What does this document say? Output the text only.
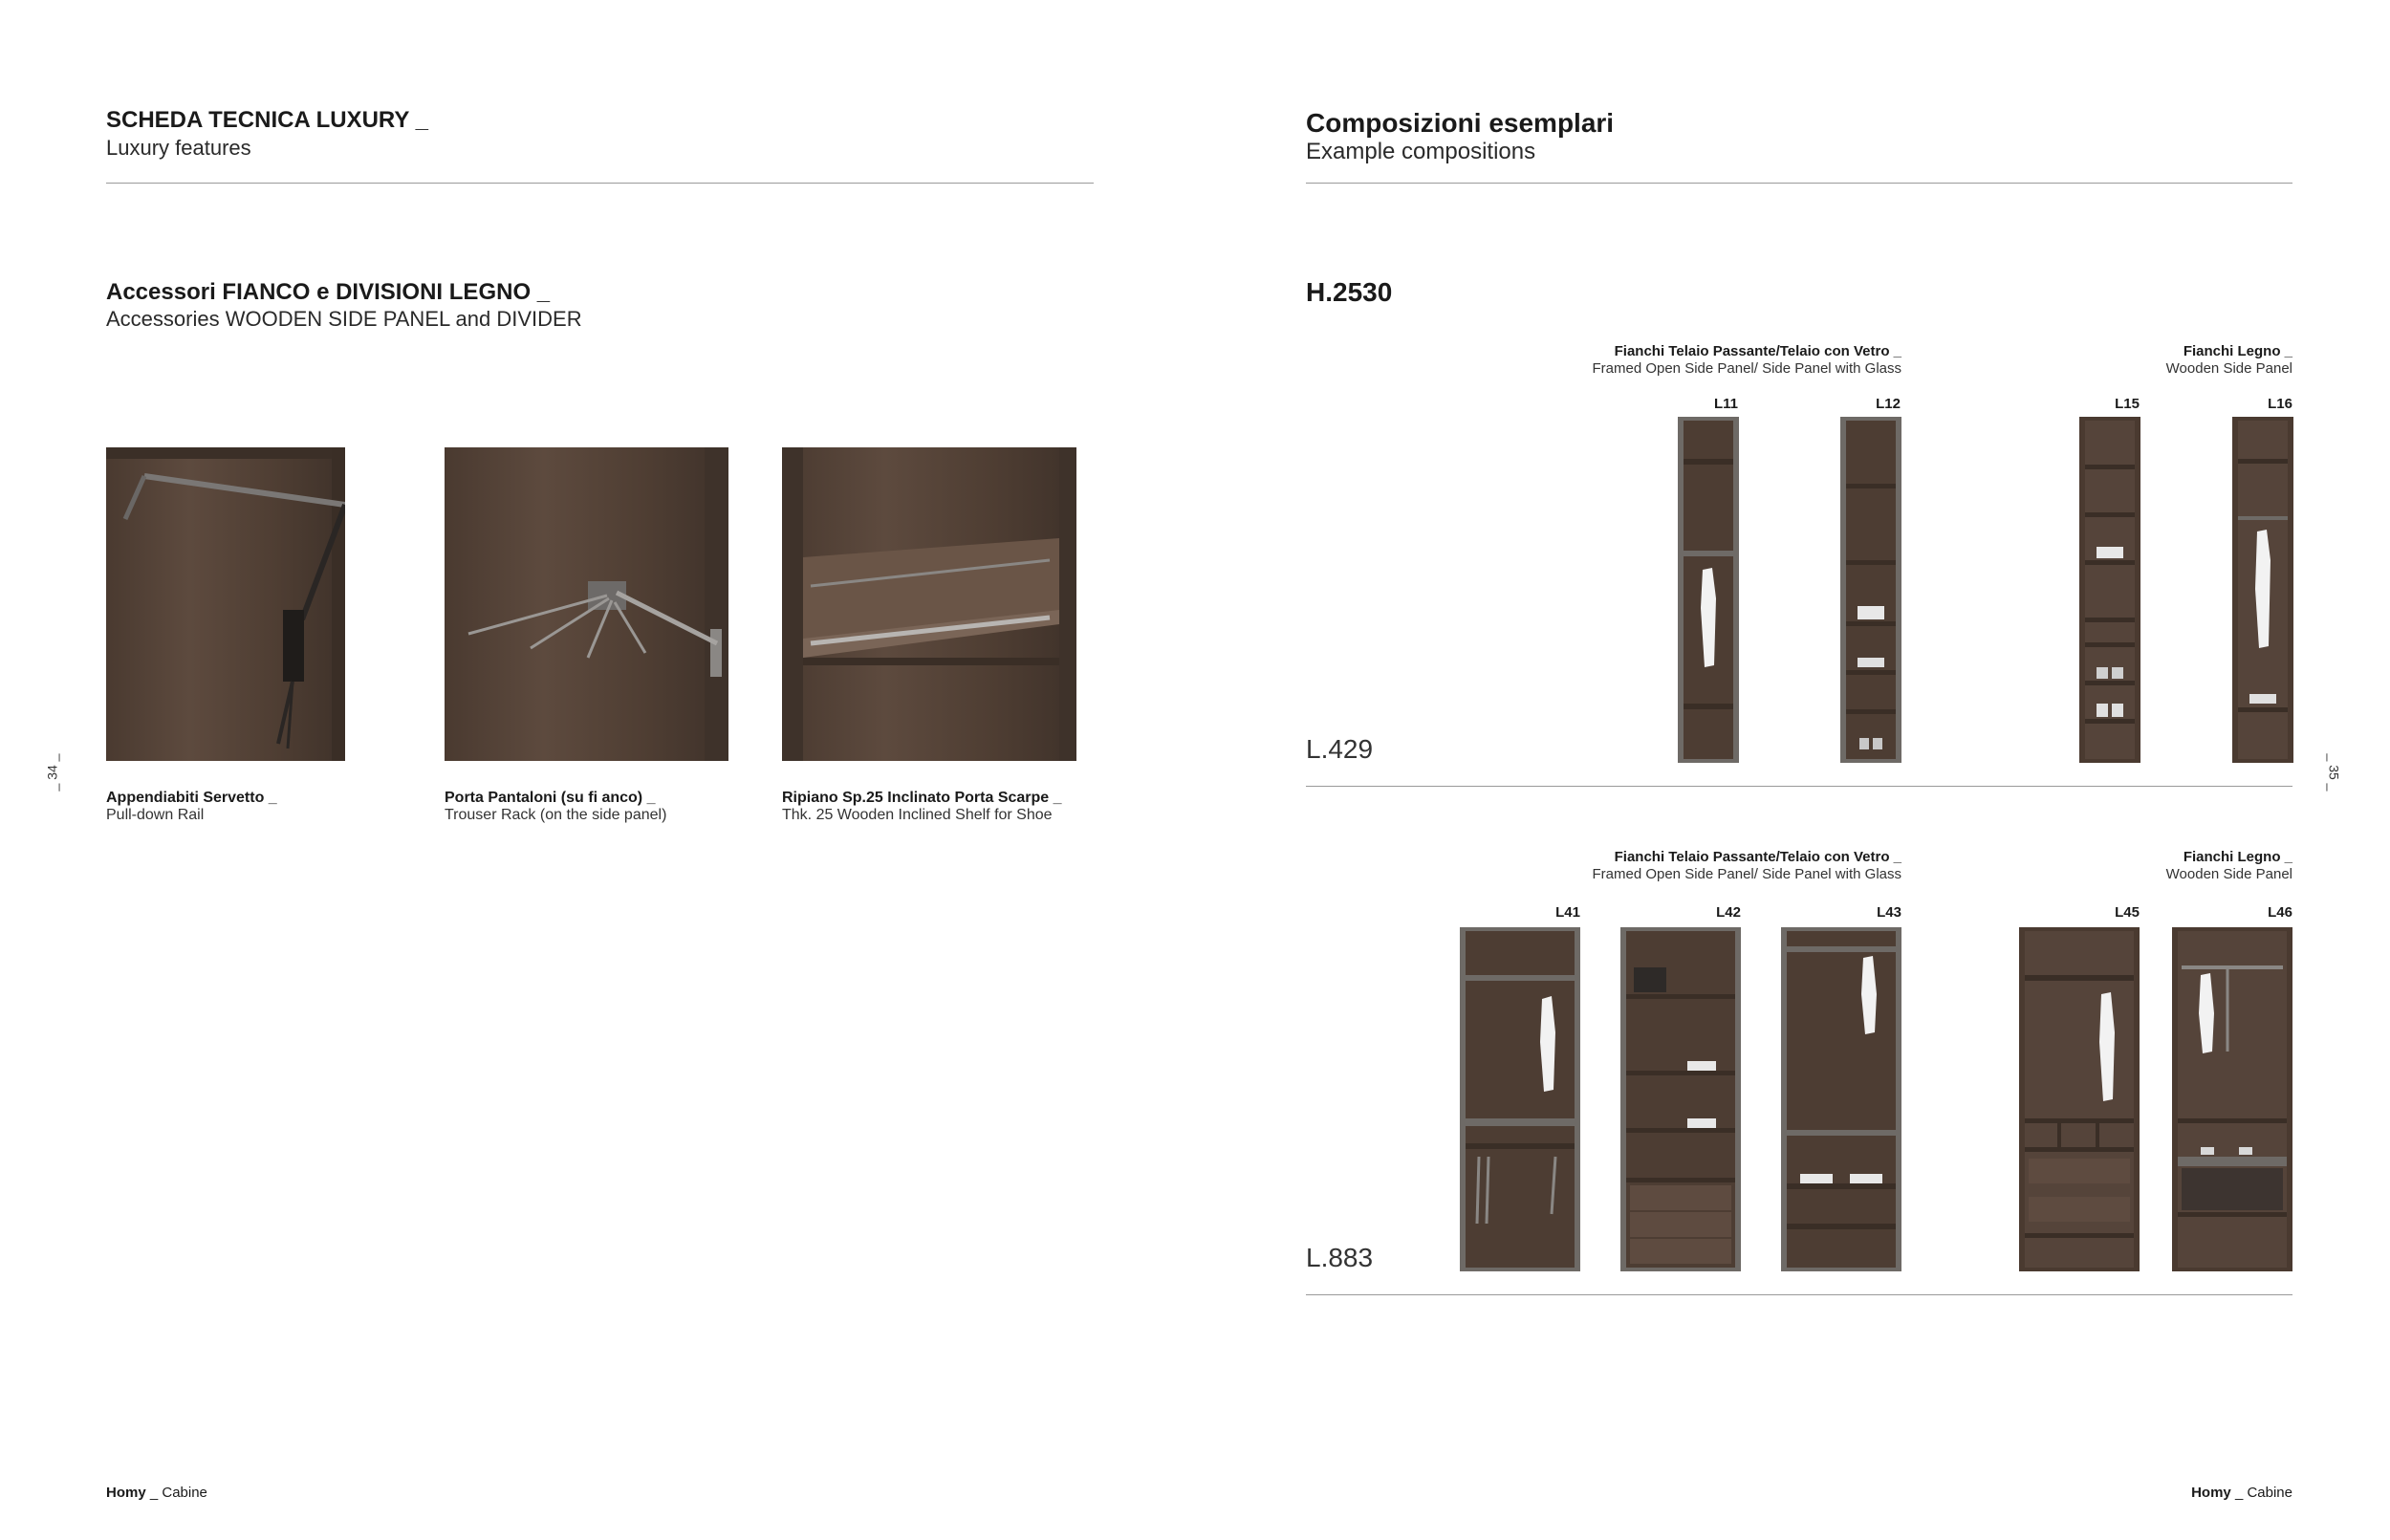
SCHEDA TECNICA LUXURY _
Luxury features
Accessori FIANCO e DIVISIONI LEGNO _
Accessories WOODEN SIDE PANEL and DIVIDER
Appendiabiti Servetto _
Pull-down Rail
Porta Pantaloni (su fi anco) _
Trouser Rack (on the side panel)
Ripiano Sp.25 Inclinato Porta Scarpe _
Thk. 25 Wooden Inclined Shelf for Shoe
_ 34 _
Homy _ Cabine
Composizioni esemplari
Example compositions
H.2530
Fianchi Telaio Passante/Telaio con Vetro _
Framed Open Side Panel/ Side Panel with Glass
Fianchi Legno _
Wooden Side Panel
L11	L12	L15	L16
L.429
Fianchi Telaio Passante/Telaio con Vetro _
Framed Open Side Panel/ Side Panel with Glass
Fianchi Legno _
Wooden Side Panel
L41	L42	L43	L45	L46
L.883
_ 35 _
Homy _ Cabine
